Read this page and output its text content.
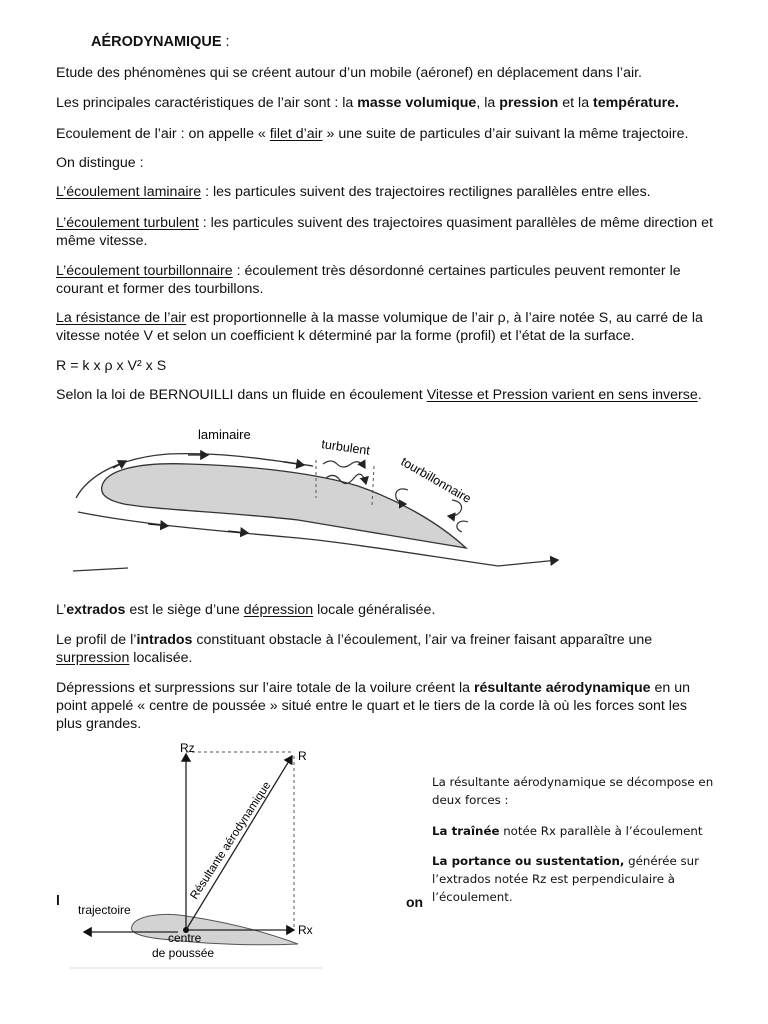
AÉRODYNAMIQUE :

Etude des phénomènes qui se créent autour d’un mobile (aéronef) en déplacement dans l’air.

Les principales caractéristiques de l’air sont : la masse volumique, la pression et la température.

Ecoulement de l’air : on appelle « filet d’air » une suite de particules d’air suivant la même trajectoire.

On distingue :

L’écoulement laminaire : les particules suivent des trajectoires rectilignes parallèles entre elles.

L’écoulement turbulent : les particules suivent des trajectoires quasiment parallèles de même direction et même vitesse.

L’écoulement tourbillonnaire : écoulement très désordonné certaines particules peuvent remonter le courant et former des tourbillons.

La résistance de l’air est proportionnelle à la masse volumique de l’air ρ, à l’aire notée S, au carré de la vitesse notée V et selon un coefficient k déterminé par la forme (profil) et l’état de la surface.

R = k x ρ x V² x S

Selon la loi de BERNOUILLI dans un fluide en écoulement Vitesse et Pression varient en sens inverse.

laminaire
turbulent
tourbillonnaire

L’extrados est le siège d’une dépression locale généralisée.

Le profil de l’intrados constituant obstacle à l’écoulement, l’air va freiner faisant apparaître une surpression localisée.

Dépressions et surpressions sur l’aire totale de la voilure créent la résultante aérodynamique en un point appelé « centre de poussée » situé entre le quart et le tiers de la corde là où les forces sont les plus grandes.

Rz
R
Rx
Résultante aérodynamique
trajectoire
centre
de poussée

l	on

La résultante aérodynamique se décompose en deux forces :

La traînée notée Rx parallèle à l’écoulement

La portance ou sustentation, générée sur l’extrados notée Rz est perpendiculaire à l’écoulement.
